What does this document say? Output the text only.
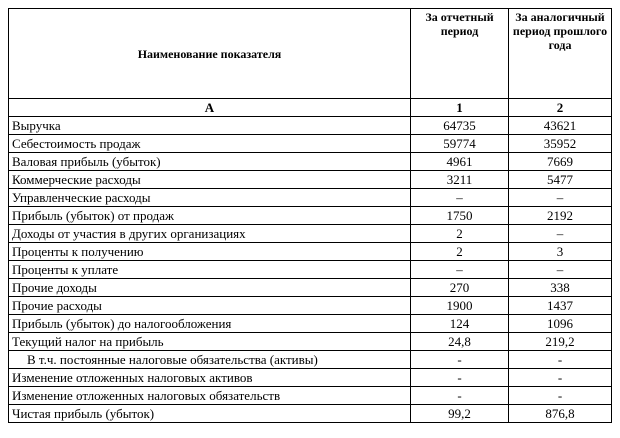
Наименование показателя	За отчетный период	За аналогичный период прошлого года
А	1	2
Выручка	64735	43621
Себестоимость продаж	59774	35952
Валовая прибыль (убыток)	4961	7669
Коммерческие расходы	3211	5477
Управленческие расходы	–	–
Прибыль (убыток) от продаж	1750	2192
Доходы от участия в других организациях	2	–
Проценты к получению	2	3
Проценты к уплате	–	–
Прочие доходы	270	338
Прочие расходы	1900	1437
Прибыль (убыток) до налогообложения	124	1096
Текущий налог на прибыль	24,8	219,2
В т.ч. постоянные налоговые обязательства (активы)	-	-
Изменение отложенных налоговых активов	-	-
Изменение отложенных налоговых обязательств	-	-
Чистая прибыль (убыток)	99,2	876,8
